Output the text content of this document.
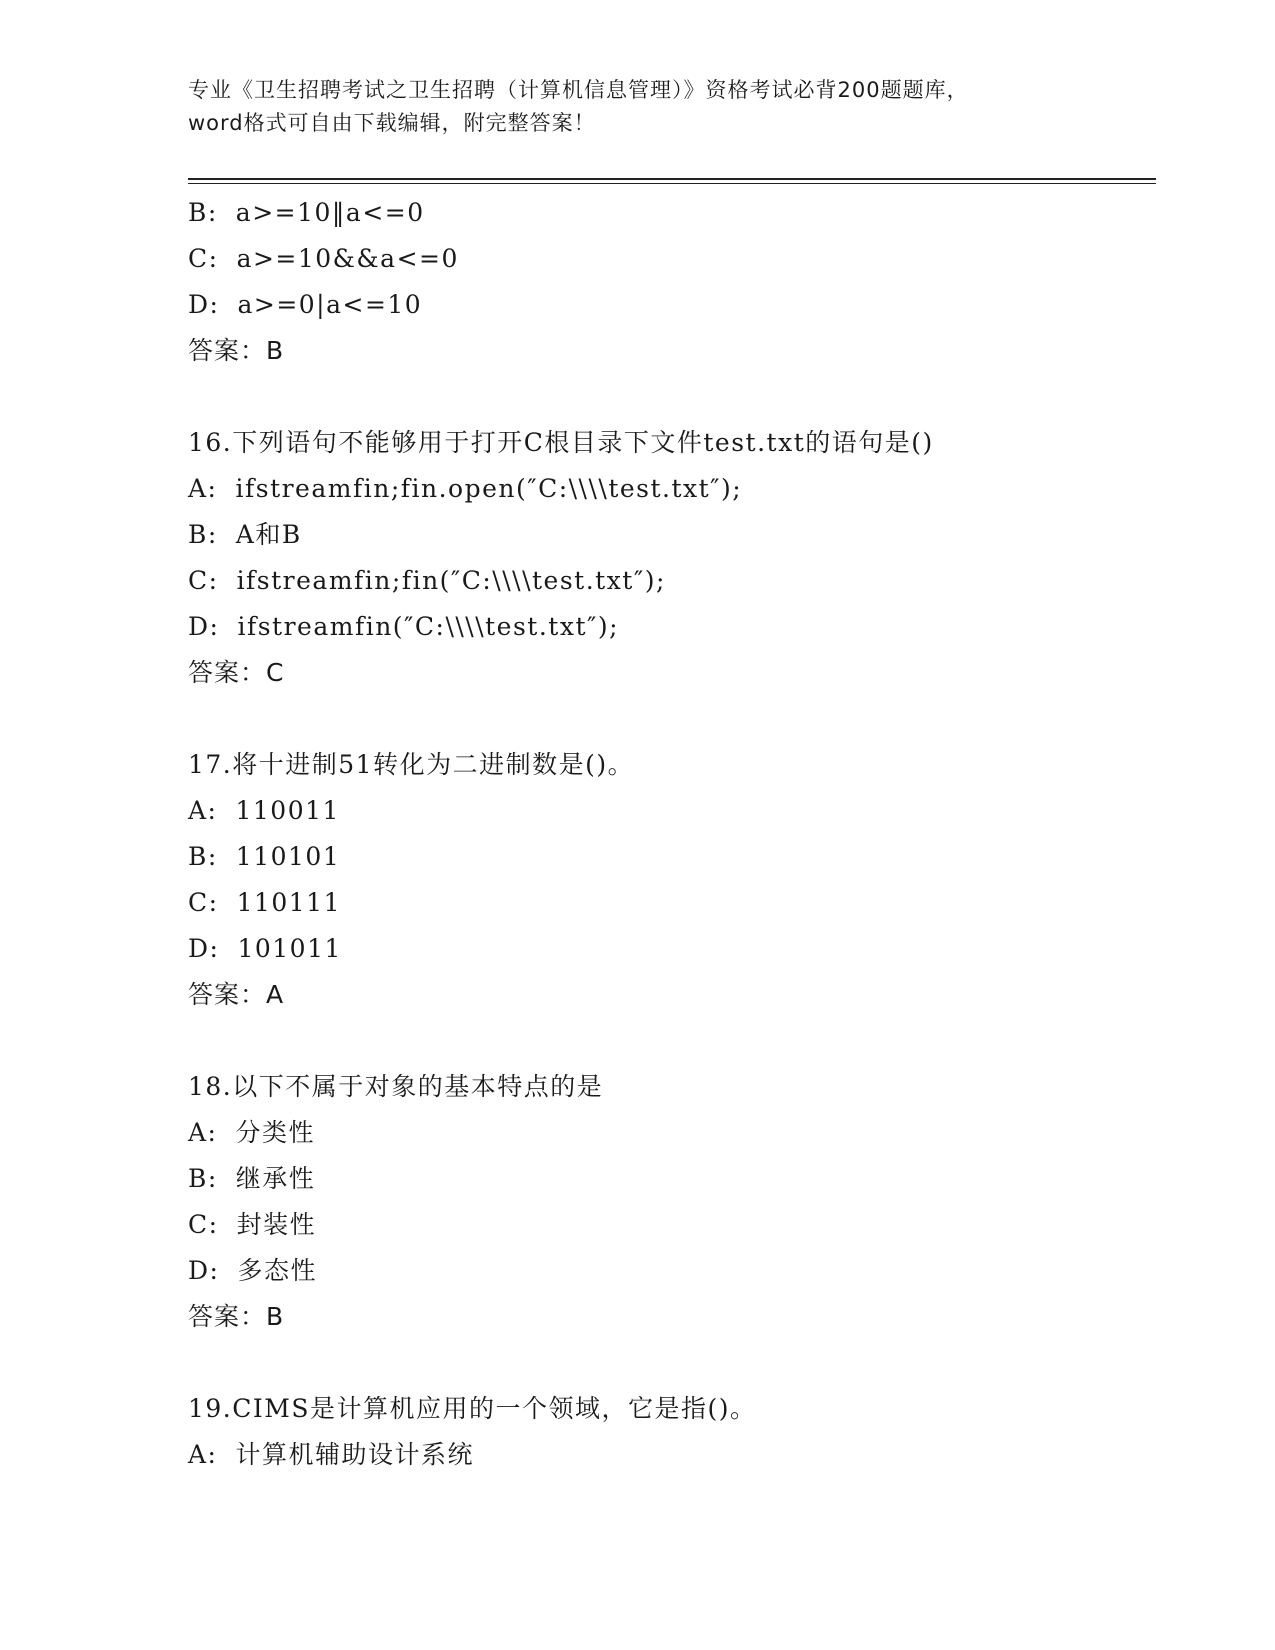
专业《卫生招聘考试之卫生招聘（计算机信息管理）》资格考试必背200题题库，
word格式可自由下载编辑，附完整答案！
B: a>=10‖a<=0
C: a>=10&&a<=0
D: a>=0|a<=10
答案：B
16.下列语句不能够用于打开C根目录下文件test.txt的语句是()
A: ifstreamfin;fin.open(″C:\\\\test.txt″);
B: A和B
C: ifstreamfin;fin(″C:\\\\test.txt″);
D: ifstreamfin(″C:\\\\test.txt″);
答案：C
17.将十进制51转化为二进制数是()。
A: 110011
B: 110101
C: 110111
D: 101011
答案：A
18.以下不属于对象的基本特点的是
A: 分类性
B: 继承性
C: 封装性
D: 多态性
答案：B
19.CIMS是计算机应用的一个领域，它是指()。
A: 计算机辅助设计系统
